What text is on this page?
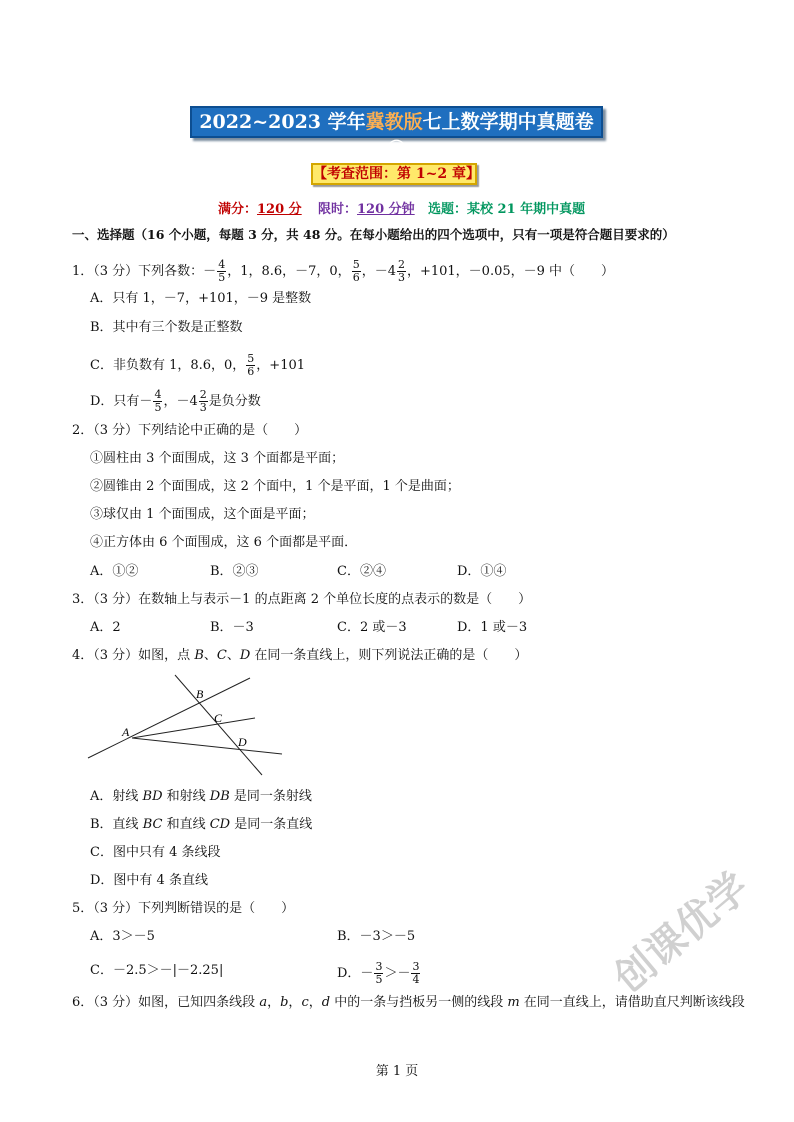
2022~2023 学年冀教版七上数学期中真题卷①
【考查范围：第 1~2 章】
满分：120 分 限时：120 分钟 选题：某校 21 年期中真题
一、选择题（16 个小题，每题 3 分，共 48 分。在每小题给出的四个选项中，只有一项是符合题目要求的）
1．（3 分）下列各数：－ $\frac{4}{5}$ ，1，8.6，－7，0， $\frac{5}{6}$ ，$-4 \frac{2}{3}$ ，+101，－0.05，－9 中（　　）
A．只有 1，－7，+101，－9 是整数
B．其中有三个数是正整数
C．非负数有 1，8.6，0， $\frac{5}{6}$ ，+101
D．只有－ $\frac{4}{5}$ ，$-4 \frac{2}{3}$ 是负分数
2．（3 分）下列结论中正确的是（　　）
①圆柱由 3 个面围成，这 3 个面都是平面；
②圆锥由 2 个面围成，这 2 个面中，1 个是平面，1 个是曲面；
③球仅由 1 个面围成，这个面是平面；
④正方体由 6 个面围成，这 6 个面都是平面．
A．①②	B．②③	C．②④	D．①④
3．（3 分）在数轴上与表示－1 的点距离 2 个单位长度的点表示的数是（　　）
A．2	B．－3	C．2 或－3	D．1 或－3
4．（3 分）如图，点 B、C、D 在同一条直线上，则下列说法正确的是（　　）
B
C
A
D
A．射线 BD 和射线 DB 是同一条射线
B．直线 BC 和直线 CD 是同一条直线
C．图中只有 4 条线段
D．图中有 4 条直线
5．（3 分）下列判断错误的是（　　）
A．3＞－5	B．－3＞－5
C．－2.5＞－|－2.25|	D．－ $\frac{3}{5} >- \frac{3}{4}$
6．（3 分）如图，已知四条线段 a，b，c，d 中的一条与挡板另一侧的线段 m 在同一直线上，请借助直尺判断该线段
创课优学
第 1 页
